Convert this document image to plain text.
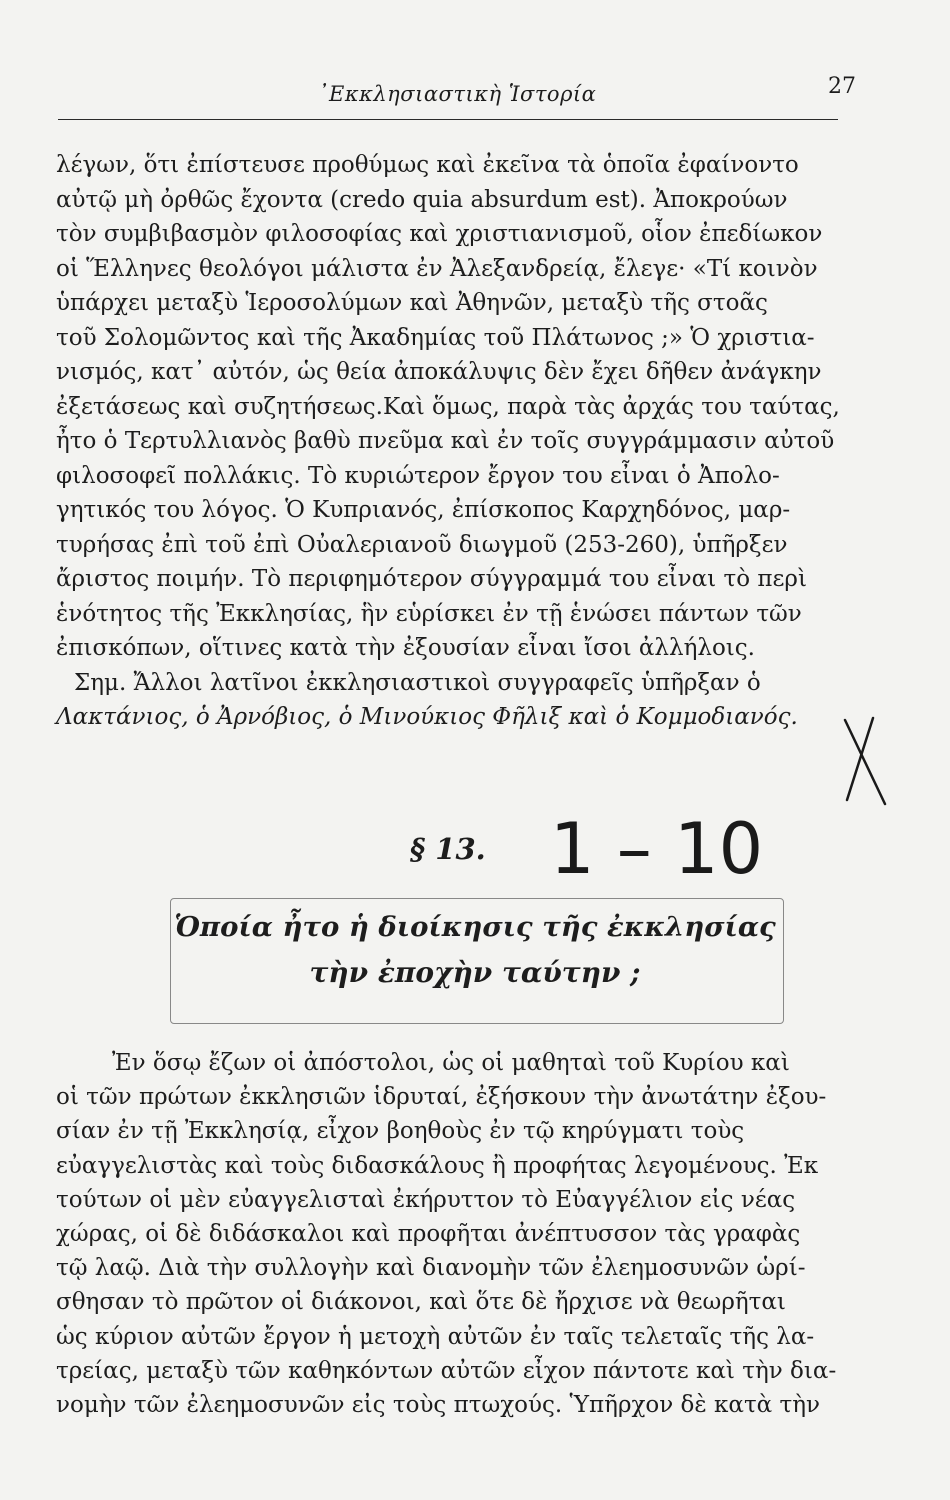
᾽Εκκλησιαστικὴ Ἱστορία	27
λέγων, ὅτι ἐπίστευσε προθύμως καὶ ἐκεῖνα τὰ ὁποῖα ἐφαίνοντο
αὐτῷ μὴ ὀρθῶς ἔχοντα (credo quia absurdum est). Ἀποκρούων
τὸν συμβιβασμὸν φιλοσοφίας καὶ χριστιανισμοῦ, οἷον ἐπεδίωκον
οἱ Ἕλληνες θεολόγοι μάλιστα ἐν Ἀλεξανδρείᾳ, ἔλεγε· «Τί κοινὸν
ὑπάρχει μεταξὺ Ἱεροσολύμων καὶ Ἀθηνῶν, μεταξὺ τῆς στοᾶς
τοῦ Σολομῶντος καὶ τῆς Ἀκαδημίας τοῦ Πλάτωνος ;» Ὁ χριστια-
νισμός, κατ᾽ αὐτόν, ὡς θεία ἀποκάλυψις δὲν ἔχει δῆθεν ἀνάγκην
ἐξετάσεως καὶ συζητήσεως.Καὶ ὅμως, παρὰ τὰς ἀρχάς του ταύτας,
ἦτο ὁ Τερτυλλιανὸς βαθὺ πνεῦμα καὶ ἐν τοῖς συγγράμμασιν αὐτοῦ
φιλοσοφεῖ πολλάκις. Τὸ κυριώτερον ἔργον του εἶναι ὁ Ἀπολο-
γητικός του λόγος. Ὁ Κυπριανός, ἐπίσκοπος Καρχηδόνος, μαρ-
τυρήσας ἐπὶ τοῦ ἐπὶ Οὐαλεριανοῦ διωγμοῦ (253-260), ὑπῆρξεν
ἄριστος ποιμήν. Τὸ περιφημότερον σύγγραμμά του εἶναι τὸ περὶ
ἑνότητος τῆς Ἐκκλησίας, ἣν εὑρίσκει ἐν τῇ ἑνώσει πάντων τῶν
ἐπισκόπων, οἵτινες κατὰ τὴν ἐξουσίαν εἶναι ἴσοι ἀλλήλοις.
Σημ. Ἄλλοι λατῖνοι ἐκκλησιαστικοὶ συγγραφεῖς ὑπῆρξαν ὁ
Λακτάνιος, ὁ Ἀρνόβιος, ὁ Μινούκιος Φῆλιξ καὶ ὁ Κομμοδιανός.
§ 13.
Ὁποία ἦτο ἡ διοίκησις τῆς ἐκκλησίας
τὴν ἐποχὴν ταύτην ;
Ἐν ὅσῳ ἔζων οἱ ἀπόστολοι, ὡς οἱ μαθηταὶ τοῦ Κυρίου καὶ
οἱ τῶν πρώτων ἐκκλησιῶν ἱδρυταί, ἐξήσκουν τὴν ἀνωτάτην ἐξου-
σίαν ἐν τῇ Ἐκκλησίᾳ, εἶχον βοηθοὺς ἐν τῷ κηρύγματι τοὺς
εὐαγγελιστὰς καὶ τοὺς διδασκάλους ἢ προφήτας λεγομένους. Ἐκ
τούτων οἱ μὲν εὐαγγελισταὶ ἐκήρυττον τὸ Εὐαγγέλιον εἰς νέας
χώρας, οἱ δὲ διδάσκαλοι καὶ προφῆται ἀνέπτυσσον τὰς γραφὰς
τῷ λαῷ. Διὰ τὴν συλλογὴν καὶ διανομὴν τῶν ἐλεημοσυνῶν ὡρί-
σθησαν τὸ πρῶτον οἱ διάκονοι, καὶ ὅτε δὲ ἤρχισε νὰ θεωρῆται
ὡς κύριον αὐτῶν ἔργον ἡ μετοχὴ αὐτῶν ἐν ταῖς τελεταῖς τῆς λα-
τρείας, μεταξὺ τῶν καθηκόντων αὐτῶν εἶχον πάντοτε καὶ τὴν δια-
νομὴν τῶν ἐλεημοσυνῶν εἰς τοὺς πτωχούς. Ὑπῆρχον δὲ κατὰ τὴν
1 – 10
